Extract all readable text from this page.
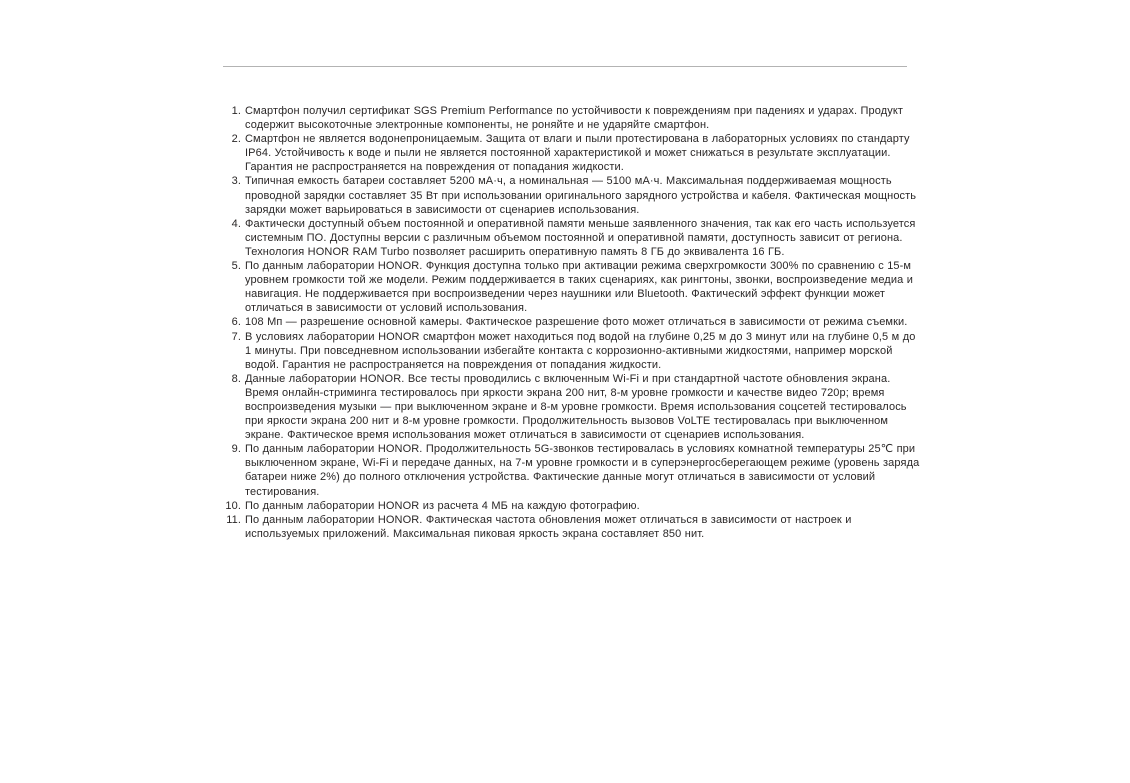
1. Смартфон получил сертификат SGS Premium Performance по устойчивости к повреждениям при падениях и ударах. Продукт содержит высокоточные электронные компоненты, не роняйте и не ударяйте смартфон.
2. Смартфон не является водонепроницаемым. Защита от влаги и пыли протестирована в лабораторных условиях по стандарту IP64. Устойчивость к воде и пыли не является постоянной характеристикой и может снижаться в результате эксплуатации. Гарантия не распространяется на повреждения от попадания жидкости.
3. Типичная емкость батареи составляет 5200 мА·ч, а номинальная — 5100 мА·ч. Максимальная поддерживаемая мощность проводной зарядки составляет 35 Вт при использовании оригинального зарядного устройства и кабеля. Фактическая мощность зарядки может варьироваться в зависимости от сценариев использования.
4. Фактически доступный объем постоянной и оперативной памяти меньше заявленного значения, так как его часть используется системным ПО. Доступны версии с различным объемом постоянной и оперативной памяти, доступность зависит от региона. Технология HONOR RAM Turbo позволяет расширить оперативную память 8 ГБ до эквивалента 16 ГБ.
5. По данным лаборатории HONOR. Функция доступна только при активации режима сверхгромкости 300% по сравнению с 15-м уровнем громкости той же модели. Режим поддерживается в таких сценариях, как рингтоны, звонки, воспроизведение медиа и навигация. Не поддерживается при воспроизведении через наушники или Bluetooth. Фактический эффект функции может отличаться в зависимости от условий использования.
6. 108 Мп — разрешение основной камеры. Фактическое разрешение фото может отличаться в зависимости от режима съемки.
7. В условиях лаборатории HONOR смартфон может находиться под водой на глубине 0,25 м до 3 минут или на глубине 0,5 м до 1 минуты. При повседневном использовании избегайте контакта с коррозионно-активными жидкостями, например морской водой. Гарантия не распространяется на повреждения от попадания жидкости.
8. Данные лаборатории HONOR. Все тесты проводились с включенным Wi-Fi и при стандартной частоте обновления экрана. Время онлайн-стриминга тестировалось при яркости экрана 200 нит, 8-м уровне громкости и качестве видео 720p; время воспроизведения музыки — при выключенном экране и 8-м уровне громкости. Время использования соцсетей тестировалось при яркости экрана 200 нит и 8-м уровне громкости. Продолжительность вызовов VoLTE тестировалась при выключенном экране. Фактическое время использования может отличаться в зависимости от сценариев использования.
9. По данным лаборатории HONOR. Продолжительность 5G-звонков тестировалась в условиях комнатной температуры 25℃ при выключенном экране, Wi-Fi и передаче данных, на 7-м уровне громкости и в суперэнергосберегающем режиме (уровень заряда батареи ниже 2%) до полного отключения устройства. Фактические данные могут отличаться в зависимости от условий тестирования.
10. По данным лаборатории HONOR из расчета 4 МБ на каждую фотографию.
11. По данным лаборатории HONOR. Фактическая частота обновления может отличаться в зависимости от настроек и используемых приложений. Максимальная пиковая яркость экрана составляет 850 нит.
